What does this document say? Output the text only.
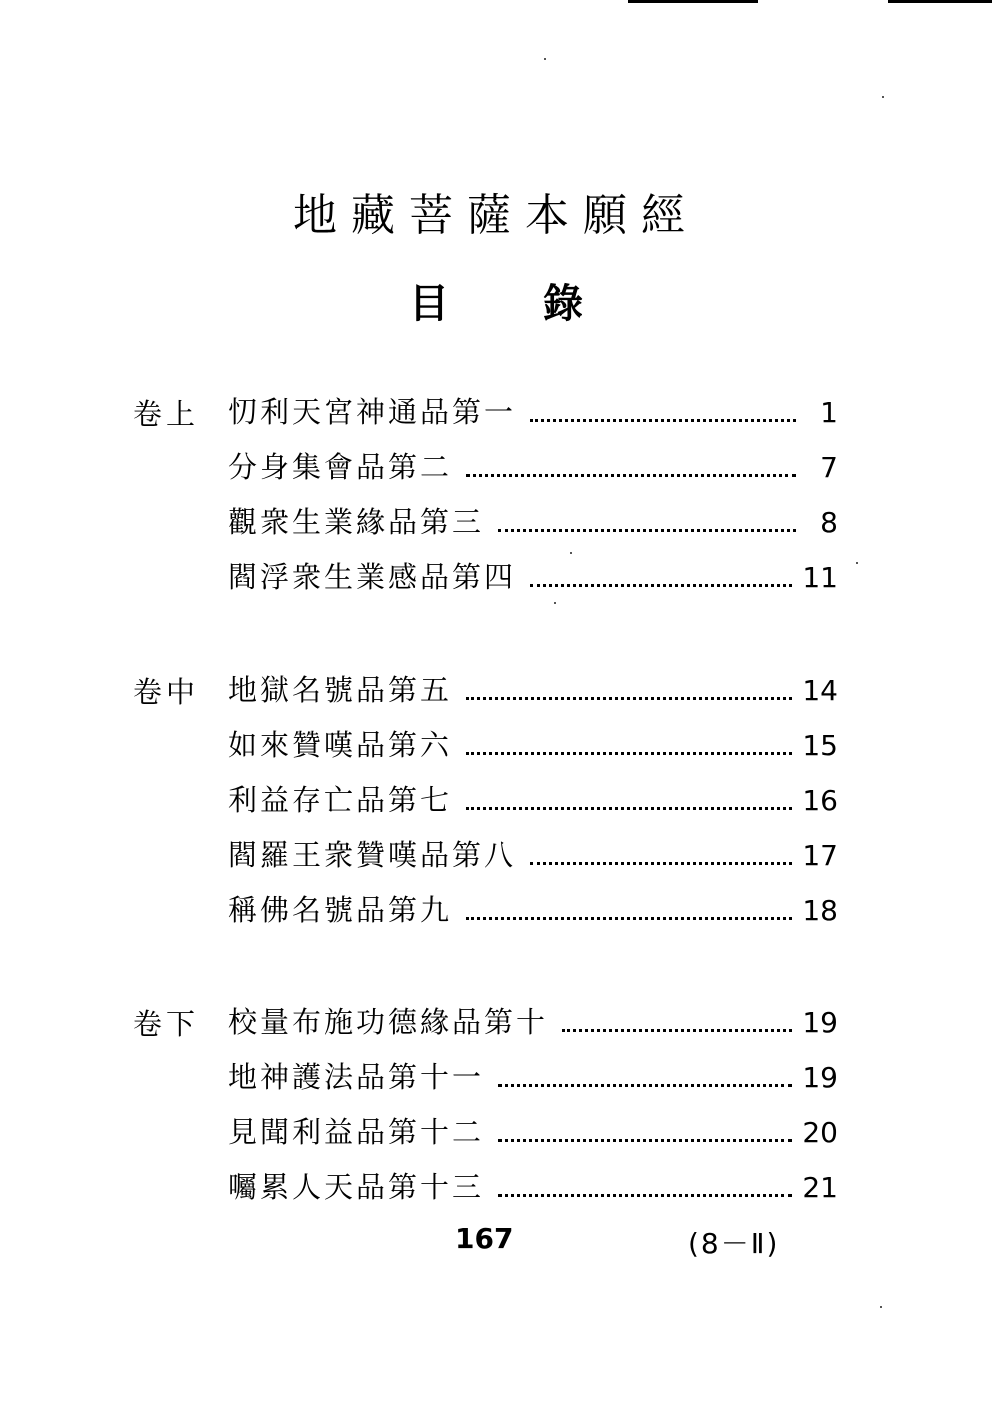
地藏菩薩本願經
目 錄
卷上 忉利天宮神通品第一	1
分身集會品第二	7
觀衆生業緣品第三	8
閻浮衆生業感品第四	11
卷中 地獄名號品第五	14
如來贊嘆品第六	15
利益存亡品第七	16
閻羅王衆贊嘆品第八	17
稱佛名號品第九	18
卷下 校量布施功德緣品第十	19
地神護法品第十一	19
見聞利益品第十二	20
囑累人天品第十三	21
167	(8－Ⅱ)
